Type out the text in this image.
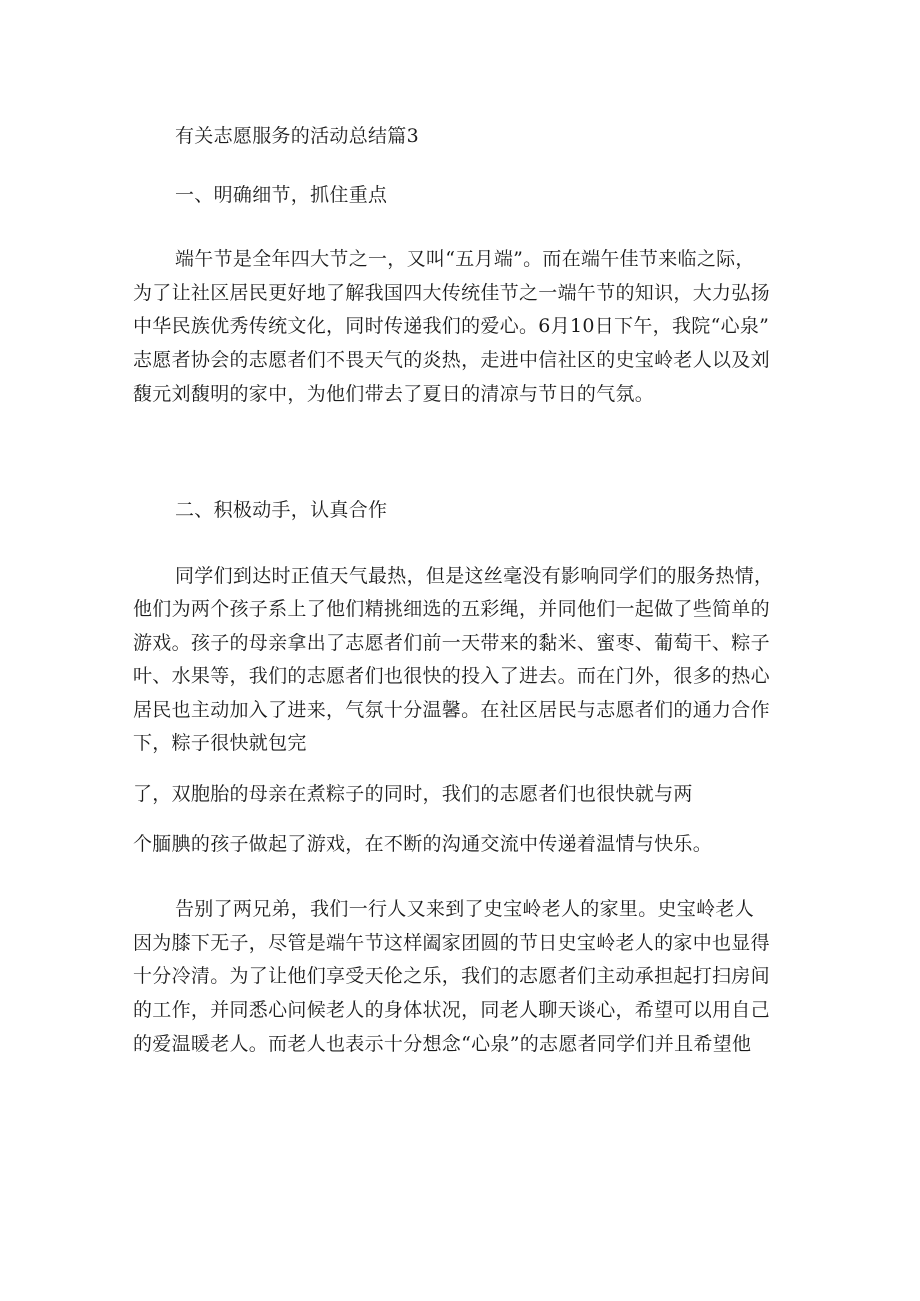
有关志愿服务的活动总结篇3
一、明确细节，抓住重点
端午节是全年四大节之一，又叫“五月端”。而在端午佳节来临之际，
为了让社区居民更好地了解我国四大传统佳节之一端午节的知识，大力弘扬
中华民族优秀传统文化，同时传递我们的爱心。6月10日下午，我院“心泉”
志愿者协会的志愿者们不畏天气的炎热，走进中信社区的史宝岭老人以及刘
馥元刘馥明的家中，为他们带去了夏日的清凉与节日的气氛。
二、积极动手，认真合作
同学们到达时正值天气最热，但是这丝毫没有影响同学们的服务热情，
他们为两个孩子系上了他们精挑细选的五彩绳，并同他们一起做了些简单的
游戏。孩子的母亲拿出了志愿者们前一天带来的黏米、蜜枣、葡萄干、粽子
叶、水果等，我们的志愿者们也很快的投入了进去。而在门外，很多的热心
居民也主动加入了进来，气氛十分温馨。在社区居民与志愿者们的通力合作
下，粽子很快就包完
了，双胞胎的母亲在煮粽子的同时，我们的志愿者们也很快就与两
个腼腆的孩子做起了游戏，在不断的沟通交流中传递着温情与快乐。
告别了两兄弟，我们一行人又来到了史宝岭老人的家里。史宝岭老人
因为膝下无子，尽管是端午节这样阖家团圆的节日史宝岭老人的家中也显得
十分冷清。为了让他们享受天伦之乐，我们的志愿者们主动承担起打扫房间
的工作，并同悉心问候老人的身体状况，同老人聊天谈心，希望可以用自己
的爱温暖老人。而老人也表示十分想念“心泉”的志愿者同学们并且希望他
